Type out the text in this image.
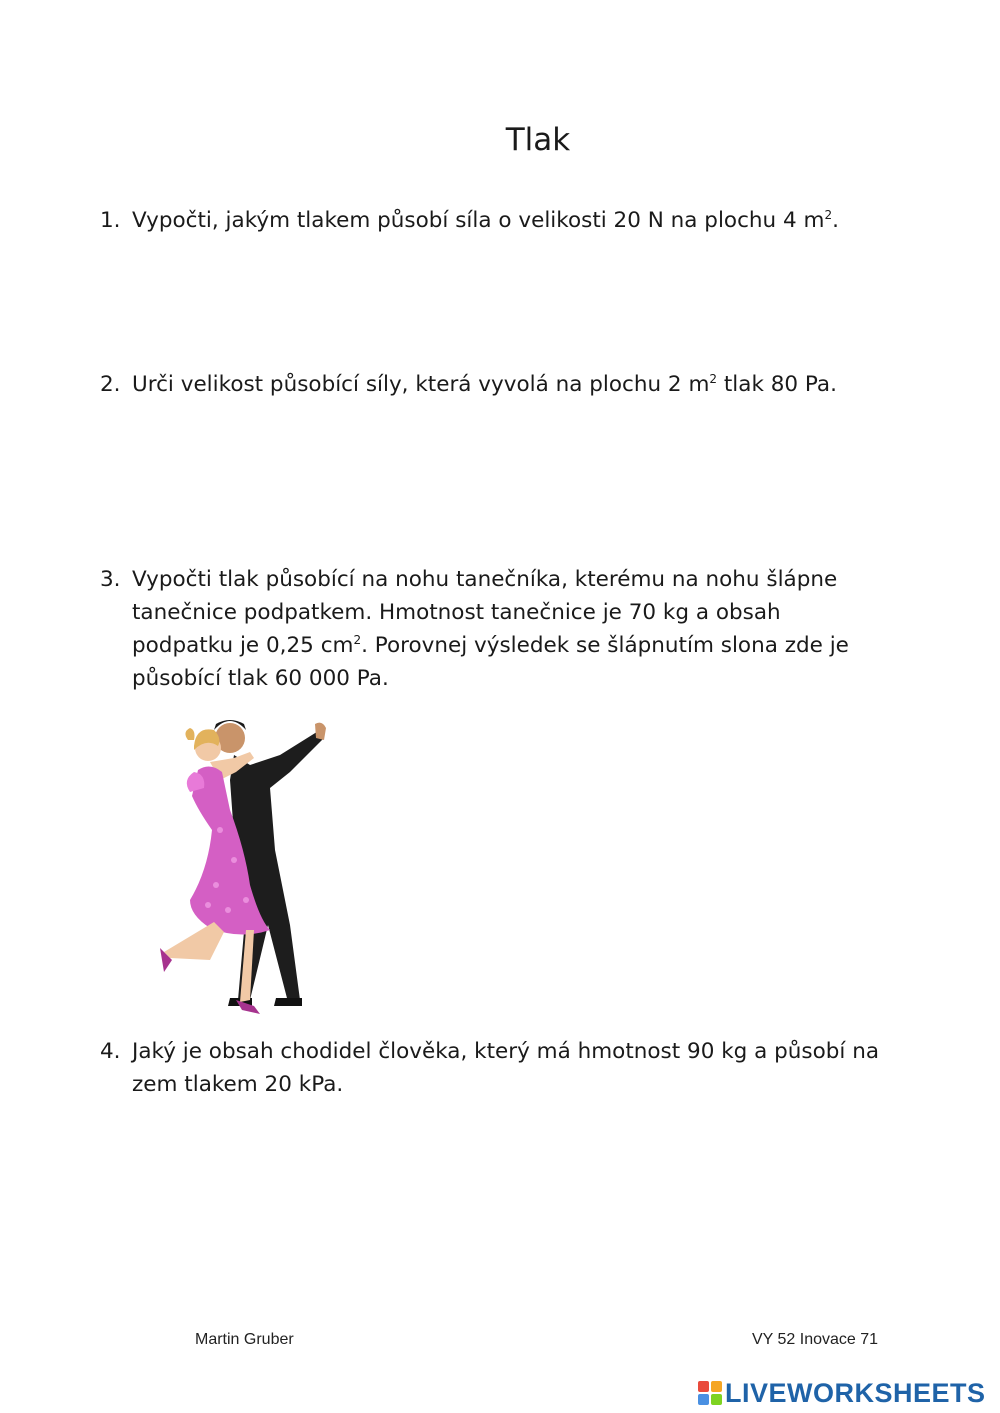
Tlak
1. Vypočti, jakým tlakem působí síla o velikosti 20 N na plochu 4 $m^2$.
2. Urči velikost působící síly, která vyvolá na plochu 2 $m^2$ tlak 80 Pa.
3. Vypočti tlak působící na nohu tanečníka, kterému na nohu šlápne tanečnice podpatkem. Hmotnost tanečnice je 70 kg a obsah podpatku je 0,25 $cm^2$. Porovnej výsledek se šlápnutím slona zde je působící tlak 60 000 Pa.
4. Jaký je obsah chodidel člověka, který má hmotnost 90 kg a působí na zem tlakem 20 kPa.
Martin Gruber	VY 52 Inovace 71
LIVEWORKSHEETS
